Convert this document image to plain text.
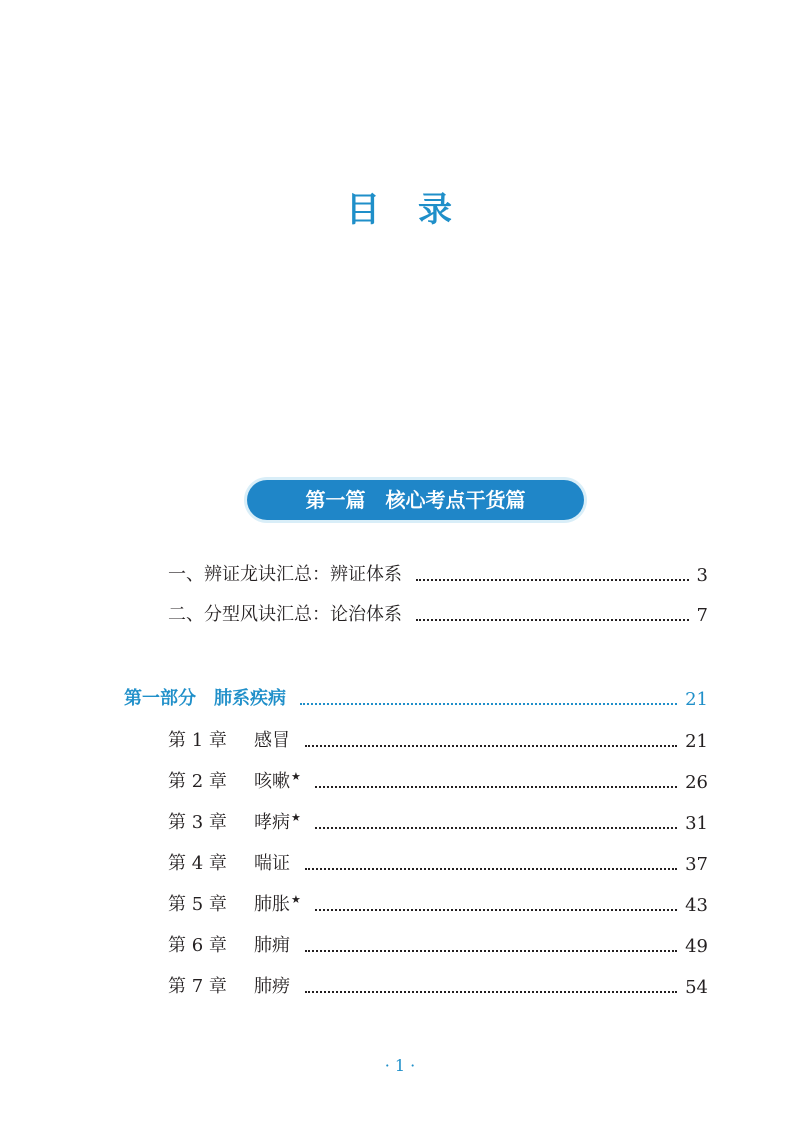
目 录
第一篇　核心考点干货篇
一、辨证龙诀汇总：辨证体系	3
二、分型风诀汇总：论治体系	7
第一部分　肺系疾病	21
第 1 章 感冒	21
第 2 章 咳嗽★	26
第 3 章 哮病★	31
第 4 章 喘证	37
第 5 章 肺胀★	43
第 6 章 肺痈	49
第 7 章 肺痨	54
· 1 ·
